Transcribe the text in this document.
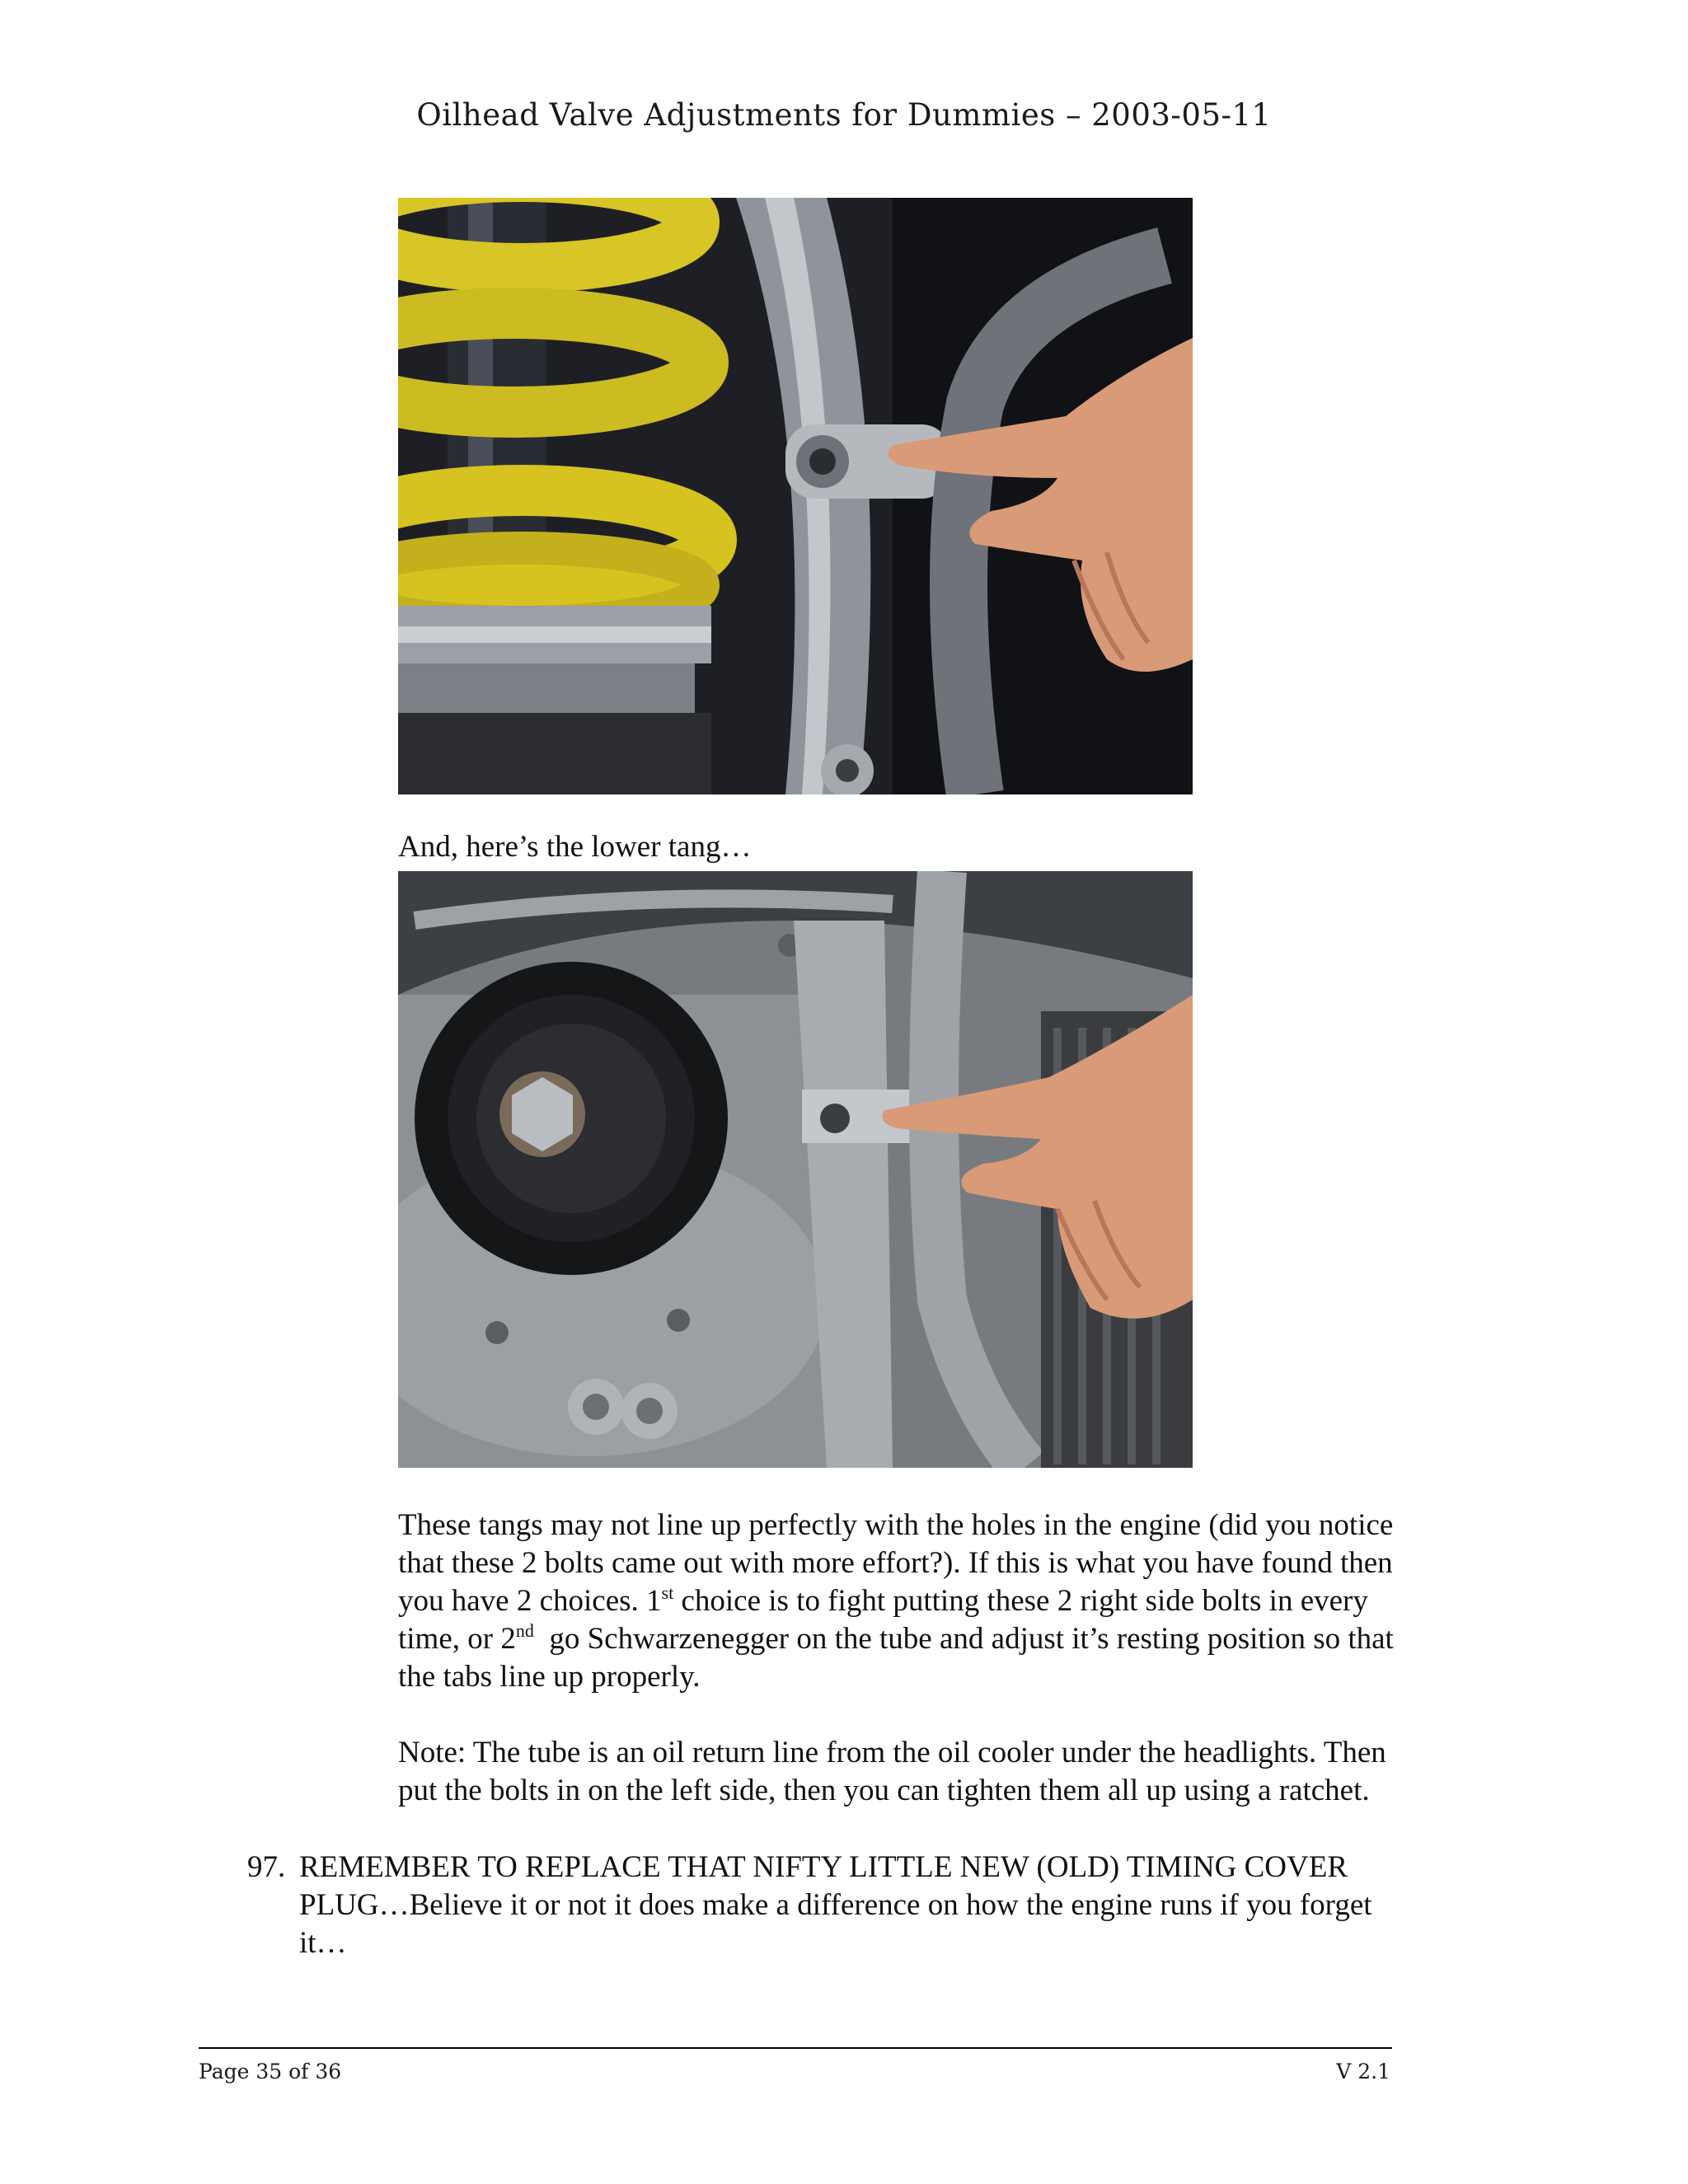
Oilhead Valve Adjustments for Dummies – 2003-05-11
And, here’s the lower tang…
These tangs may not line up perfectly with the holes in the engine (did you notice
that these 2 bolts came out with more effort?). If this is what you have found then
you have 2 choices. 1st choice is to fight putting these 2 right side bolts in every
time, or 2nd  go Schwarzenegger on the tube and adjust it’s resting position so that
the tabs line up properly.
Note: The tube is an oil return line from the oil cooler under the headlights. Then
put the bolts in on the left side, then you can tighten them all up using a ratchet.
97. REMEMBER TO REPLACE THAT NIFTY LITTLE NEW (OLD) TIMING COVER
PLUG…Believe it or not it does make a difference on how the engine runs if you forget
it…
Page 35 of 36	V 2.1
